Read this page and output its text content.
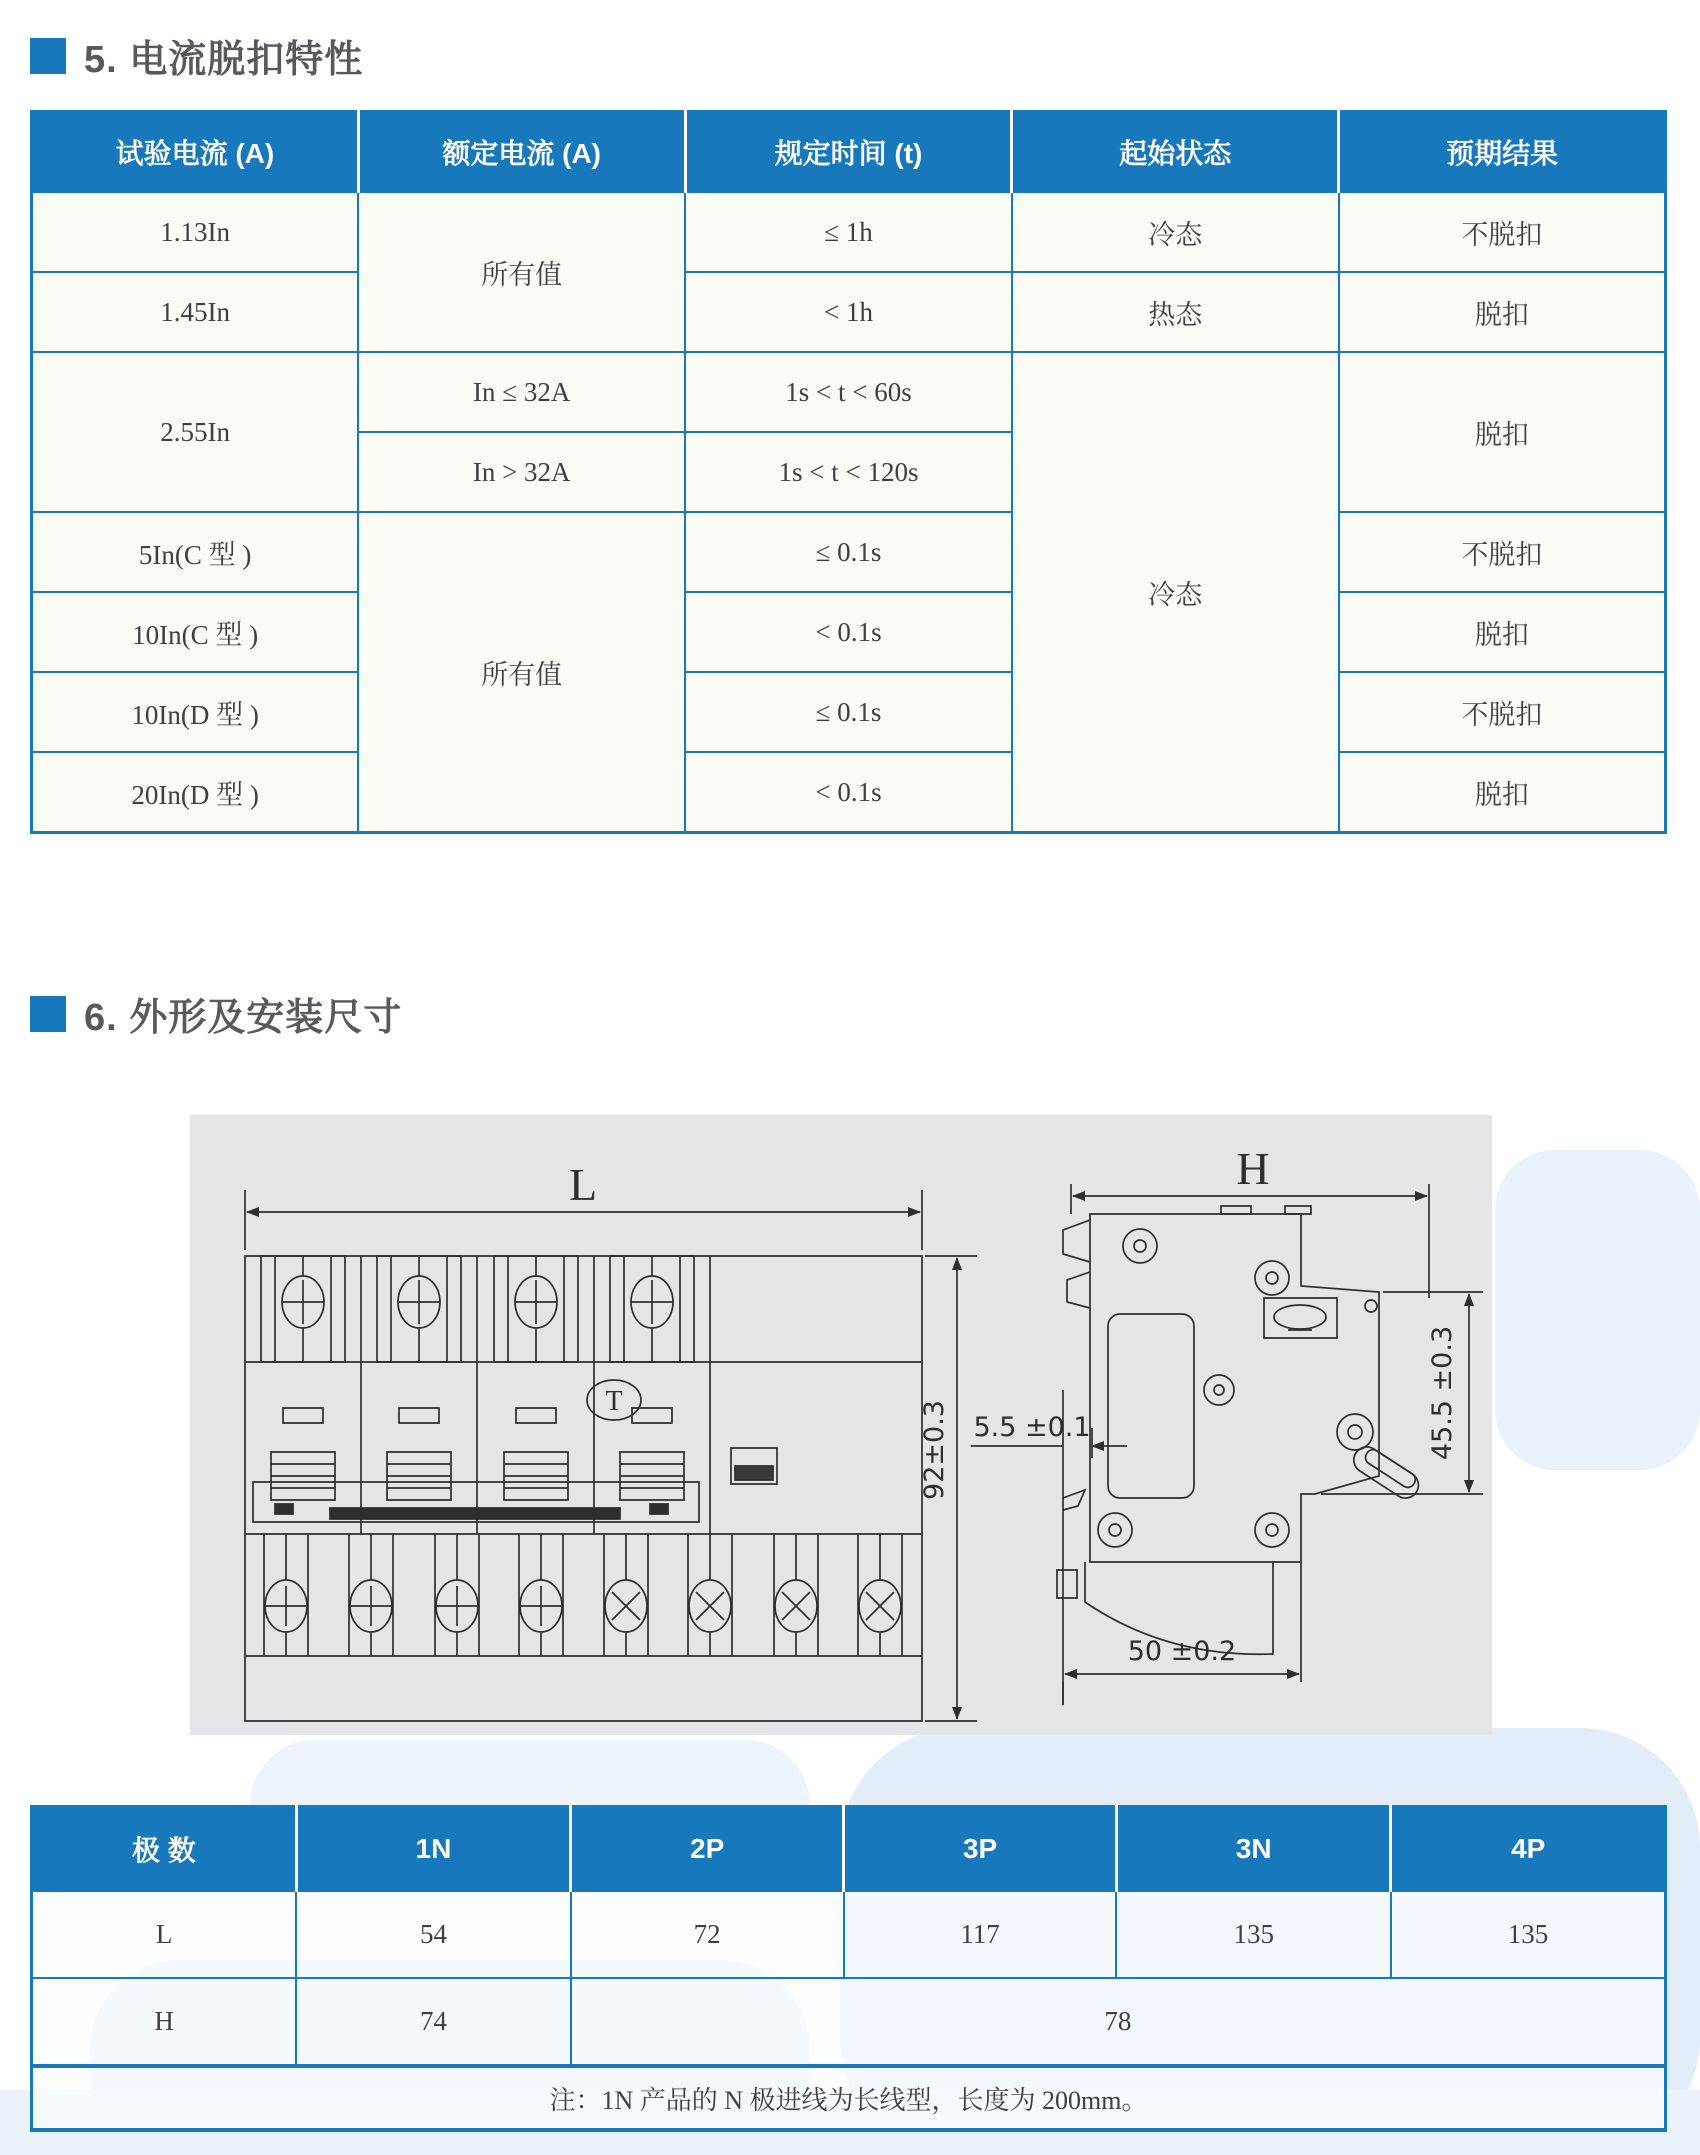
5. 电流脱扣特性
试验电流 (A)	额定电流 (A)	规定时间 (t)	起始状态	预期结果
1.13In	所有值	≤ 1h	冷态	不脱扣
1.45In		< 1h	热态	脱扣
2.55In	In ≤ 32A	1s < t < 60s	冷态	脱扣
	In > 32A	1s < t < 120s		
5In(C 型 )	所有值	≤ 0.1s		不脱扣
10In(C 型 )		< 0.1s		脱扣
10In(D 型 )		≤ 0.1s		不脱扣
20In(D 型 )		< 0.1s		脱扣
6. 外形及安装尺寸
L
T	92±0.3
H
5.5 ±0.1	45.5 ±0.3
50 ±0.2
极 数	1N	2P	3P	3N	4P
L	54	72	117	135	135
H	74	78			
注：1N 产品的 N 极进线为长线型，长度为 200mm。					
